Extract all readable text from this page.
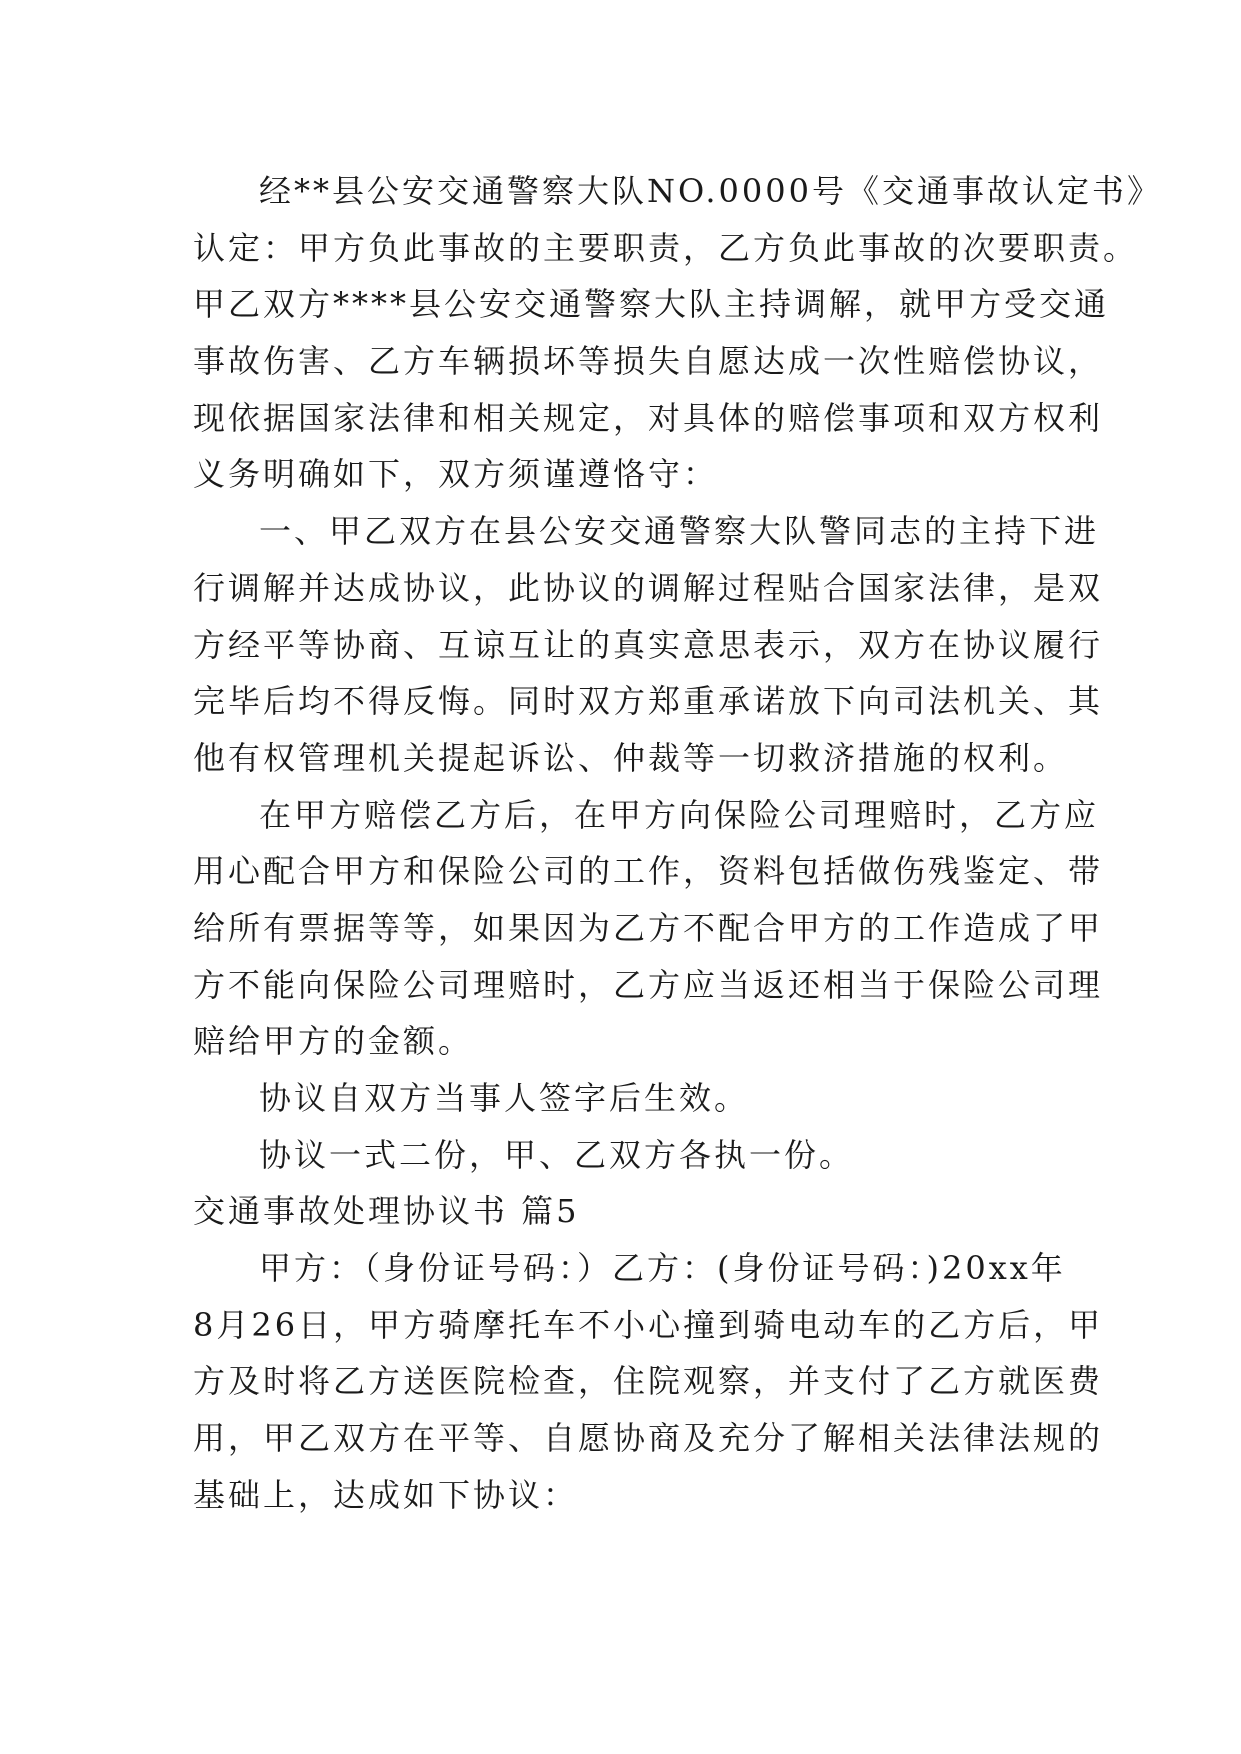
经**县公安交通警察大队NO.0000号《交通事故认定书》
认定：甲方负此事故的主要职责，乙方负此事故的次要职责。
甲乙双方****县公安交通警察大队主持调解，就甲方受交通
事故伤害、乙方车辆损坏等损失自愿达成一次性赔偿协议，
现依据国家法律和相关规定，对具体的赔偿事项和双方权利
义务明确如下，双方须谨遵恪守：
一、甲乙双方在县公安交通警察大队警同志的主持下进
行调解并达成协议，此协议的调解过程贴合国家法律，是双
方经平等协商、互谅互让的真实意思表示，双方在协议履行
完毕后均不得反悔。同时双方郑重承诺放下向司法机关、其
他有权管理机关提起诉讼、仲裁等一切救济措施的权利。
在甲方赔偿乙方后，在甲方向保险公司理赔时，乙方应
用心配合甲方和保险公司的工作，资料包括做伤残鉴定、带
给所有票据等等，如果因为乙方不配合甲方的工作造成了甲
方不能向保险公司理赔时，乙方应当返还相当于保险公司理
赔给甲方的金额。
协议自双方当事人签字后生效。
协议一式二份，甲、乙双方各执一份。
交通事故处理协议书 篇5
甲方：（身份证号码：）乙方：(身份证号码：)20xx年
8月26日，甲方骑摩托车不小心撞到骑电动车的乙方后，甲
方及时将乙方送医院检查，住院观察，并支付了乙方就医费
用，甲乙双方在平等、自愿协商及充分了解相关法律法规的
基础上，达成如下协议：
